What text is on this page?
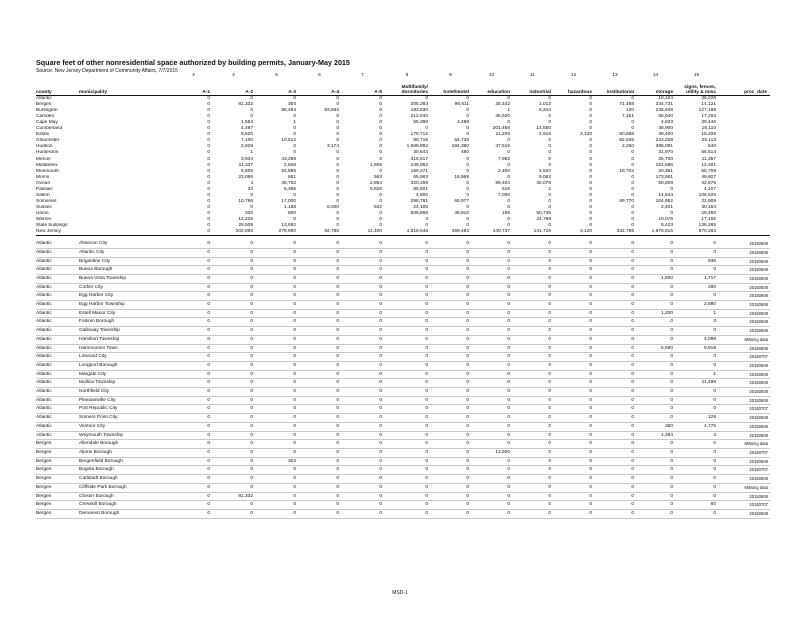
Square feet of other nonresidential space authorized by building permits, January-May 2015
Source: New Jersey Department of Community Affairs, 7/7/2015
		3	4	5	6	7	8	9	10	11	12	13	14	15	
county	municipality	A-1	A-2	A-3	A-4	A-5	Multifamily/ dormitories	hotel/motel	education	industrial	hazardous	institutional	storage	signs, fences, utility & misc	proc_date
Atlantic		0	0	0	0	0	0	0	0	0	0	0	10,104	36,228	
Bergen		0	81,332	304	0	0	205,393	96,511	35,442	1,012	0	71,468	334,731	14,121	
Burlington		0	0	86,494	83,592	0	183,830	0	1	6,344	0	120	235,946	127,188	
Camden		0	0	0	0	0	212,040	0	36,520	0	0	7,151	65,040	17,293	
Cape May		0	1,553	1	0	0	55,389	3,498	0	0	0	0	4,833	39,446	
Cumberland		0	4,497	0	0	0	0	0	201,456	14,850	0	0	36,900	16,110	
Essex		0	9,620	0	0	0	179,712	0	11,206	2,915	3,120	60,656	39,400	15,205	
Gloucester		0	7,100	10,512	0	0	89,716	54,738	0	0	0	82,626	233,228	25,113	
Hudson		0	2,929	0	3,174	0	1,688,892	184,390	47,515	0	0	2,250	385,091	540	
Hunterdon		0	1	0	0	0	30,644	480	0	0	0	0	31,970	56,514	
Mercer		0	3,934	43,258	0	0	316,517	0	7,982	0	0	0	35,700	11,357	
Middlesex		0	11,337	2,848	0	1,605	248,962	0	0	0	0	0	161,586	12,481	
Monmouth		0	5,605	54,885	0	0	199,271	0	2,400	1,920	0	18,704	20,361	55,709	
Morris		0	23,098	861	0	563	65,963	16,989	0	9,062	0	0	173,681	49,607	
Ocean		0	4	40,752	0	2,864	320,259	0	99,404	30,078	0	0	50,809	42,676	
Passaic		0	33	6,365	0	5,826	85,601	0	616	2	0	0	0	4,107	
Salem		0	0	0	0	0	4,800	0	7,000	0	0	0	14,544	108,625	
Somerset		0	10,796	17,000	0	0	298,761	65,977	0	0	0	89,770	104,952	22,909	
Sussex		0	0	1,188	6,000	542	24,106	0	0	0	0	0	2,401	30,164	
Union		0	320	800	0	0	608,669	36,910	195	50,735	0	0	0	29,450	
Warren		0	12,225	0	0	0	3	0	0	24,798	0	0	10,076	17,155	
State buildings		0	28,509	13,692	0	0	0	0	0	0	0	0	5,423	138,285	
New Jersey		0	202,893	278,960	92,766	11,400	4,818,548	459,493	449,737	141,716	3,120	332,765	1,976,816	870,283	

Atlantic	Absecon City	0	0	0	0	0	0	0	0	0	0	0	0	0	20150608
Atlantic	Atlantic City	0	0	0	0	0	0	0	0	0	0	0	0	0	20150608
Atlantic	Brigantine City	0	0	0	0	0	0	0	0	0	0	0	0	935	20150608
Atlantic	Buena Borough	0	0	0	0	0	0	0	0	0	0	0	0	0	20150608
Atlantic	Buena Vista Township	0	0	0	0	0	0	0	0	0	0	0	1,600	1,717	20150608
Atlantic	Corbin City	0	0	0	0	0	0	0	0	0	0	0	0	280	20150608
Atlantic	Egg Harbor City	0	0	0	0	0	0	0	0	0	0	0	0	0	20150608
Atlantic	Egg Harbor Township	0	0	0	0	0	0	0	0	0	0	0	0	2,880	20150608
Atlantic	Estell Manor City	0	0	0	0	0	0	0	0	0	0	0	1,200	1	20150608
Atlantic	Folsom Borough	0	0	0	0	0	0	0	0	0	0	0	0	3	20150608
Atlantic	Galloway Township	0	0	0	0	0	0	0	0	0	0	0	0	0	20150608
Atlantic	Hamilton Township	0	0	0	0	0	0	0	0	0	0	0	0	4,098	Missing data
Atlantic	Hammonton Town	0	0	0	0	0	0	0	0	0	0	0	5,690	9,918	20150608
Atlantic	Linwood City	0	0	0	0	0	0	0	0	0	0	0	0	0	20150707
Atlantic	Longport Borough	0	0	0	0	0	0	0	0	0	0	0	0	0	20150608
Atlantic	Margate City	0	0	0	0	0	0	0	0	0	0	0	0	1	20150608
Atlantic	Mullica Township	0	0	0	0	0	0	0	0	0	0	0	0	11,488	20150608
Atlantic	Northfield City	0	0	0	0	0	0	0	0	0	0	0	0	0	20150608
Atlantic	Pleasantville City	0	0	0	0	0	0	0	0	0	0	0	0	0	20150608
Atlantic	Port Republic City	0	0	0	0	0	0	0	0	0	0	0	0	0	20150707
Atlantic	Somers Point City	0	0	0	0	0	0	0	0	0	0	0	0	128	20150608
Atlantic	Ventnor City	0	0	0	0	0	0	0	0	0	0	0	350	4,776	20150608
Atlantic	Weymouth Township	0	0	0	0	0	0	0	0	0	0	0	1,264	3	20150608
Bergen	Allendale Borough	0	0	0	0	0	0	0	0	0	0	0	0	0	Missing data
Bergen	Alpine Borough	0	0	0	0	0	0	0	13,500	0	0	0	0	0	20150707
Bergen	Bergenfield Borough	0	0	303	0	0	0	0	0	0	0	0	0	0	20150608
Bergen	Bogota Borough	0	0	0	0	0	0	0	0	0	0	0	0	0	20150707
Bergen	Carlstadt Borough	0	0	0	0	0	0	0	0	0	0	0	0	0	20150608
Bergen	Cliffside Park Borough	0	0	0	0	0	0	0	0	0	0	0	0	0	Missing data
Bergen	Closter Borough	0	81,332	0	0	0	0	0	0	0	0	0	0	0	20150608
Bergen	Cresskill Borough	0	0	0	0	0	0	0	0	0	0	0	0	60	20150707
Bergen	Demarest Borough	0	0	0	0	0	0	0	0	0	0	0	0	0	20150608
MSD-1
